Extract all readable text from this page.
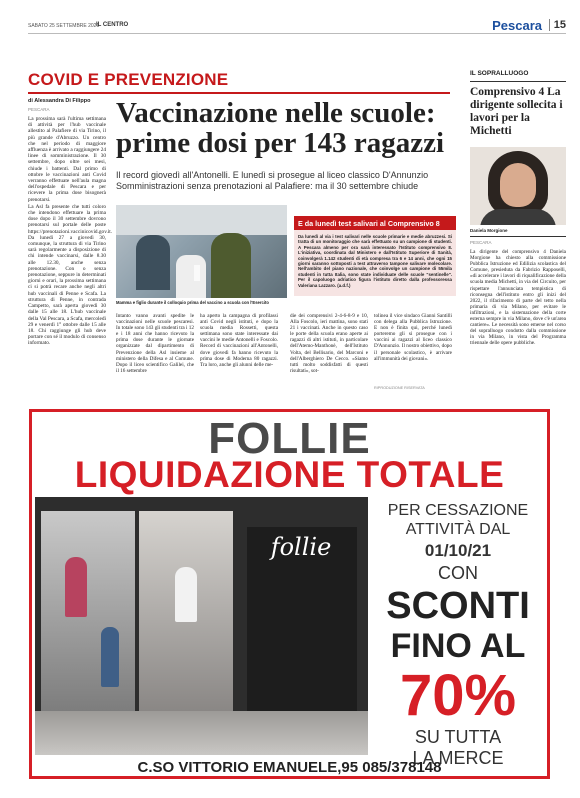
SABATO 25 SETTEMBRE 2021
IL CENTRO	Pescara	15
COVID E PREVENZIONE
di Alessandra Di Filippo
PESCARA

La prossima sarà l'ultima settimana di attività per l'hub vaccinale allestito al Palafiere di via Tirino, il più grande d'Abruzzo. Un centro che nel periodo di maggiore affluenza è arrivato a raggiungere 24 linee di somministrazione. Il 30 settembre, dopo oltre sei mesi, chiude i battenti. Dal primo di ottobre le vaccinazioni anti Covid verranno effettuate nell'aula magna dell'ospedale di Pescara e per ricevere la prima dose bisognerà prenotarsi.

La Asl fa presente che tutti coloro che intendono effettuare la prima dose dopo il 30 settembre dovrono prenotarsi sul portale delle poste https://prenotazioni.vaccinicovid.gov.it. Da lunedì 27 a giovedì 30, comunque, la struttura di via Tirino sarà regolarmente a disposizione di chi intende vaccinarsi, dalle 8.30 alle 12.30, anche senza prenotazione. Con o senza prenotazione, seppure in determinati giorni e orari, la prossima settimana ci si potrà recare anche negli altri hub vaccinali di Penne e Scafa. La struttura di Penne, in contrada Campetto, sarà aperta giovedì 30 dalle 15 alle 18. L'hub vaccinale della Val Pescara, a Scafa, mercoledì 29 e venerdì 1° ottobre dalle 15 alle 18. Chi raggiunge gli hub deve portare con sé il modulo di consenso informato.

Vaccinazione nelle scuole: prime dosi per 143 ragazzi
Il record giovedì all'Antonelli. E lunedì si prosegue al liceo classico D'Annunzio Somministrazioni senza prenotazioni al Palafiere: ma il 30 settembre chiude
Mamma e figlio durante il colloquio prima del vaccino a scuola con l'Esercito
E da lunedì test salivari al Comprensivo 8
Da lunedì al via i test salivari nelle scuole primarie e medie abruzzesi. Si tratta di un monitoraggio che sarà effettuato su un campione di studenti. A Pescara almeno per ora sarà interessato l'Istituto comprensivo 8. L'iniziativa, coordinata dal Ministero e dall'Istituto Superiore di Sanità, coinvolgerà 1.142 studenti di età compresa tra 6 e 14 anni, che ogni 15 giorni saranno sottoposti a test attraverso tampone salivare molecolare. Nell'ambito del piano nazionale, che coinvolge un campione di 55mila studenti in tutta Italia, sono state individuate delle scuole "sentinelle". Per il capoluogo adriatico figura l'istituto diretto dalla professoressa Valeriana Lazzaro. (a.d.f.)
Intanto vanno avanti spedite le vaccinazioni nelle scuole pescaresi. In totale sono 143 gli studenti tra i 12 e i 18 anni che hanno ricevuto la prima dose durante le giornate organizzate dal dipartimento di Prevenzione della Asl insieme al ministero della Difesa e al Comune. Dopo il liceo scientifico Galilei, che il 16 settembre
ha aperto la campagna di profilassi anti Covid negli istituti, e dopo la scuola media Rossetti, questa settimana sono state interessate dai vaccini le medie Antonelli e Foscolo. Record di vaccinazioni all'Antonelli, dove giovedì fa hanno ricevuto la prima dose di Moderna 80 ragazzi. Tra loro, anche gli alunni delle me-
die dei comprensivi 2-4-6-8-9 e 10, Alla Foscolo, ieri mattina, sono stati 21 i vaccinati. Anche in questo caso le porte della scuola erano aperte ai ragazzi di altri istituti, in particolare dell'Atemo-Manthonè, dell'Istituto Volta, del Bellisario, del Marconi e dell'Alberghiero De Cecco. «Siamo tutti molto soddisfatti di questi risultati», sot-
tolinea il vice sindaco Gianni Santilli con delega alla Pubblica Istruzione. E non è finita qui, perché lunedì porteremo gli si prosegue con i vaccini ai ragazzi al liceo classico D'Annunzio. Il nostro obiettivo, dopo il personale scolastico, è arrivare all'immunità dei giovani».
RIPRODUZIONE RISERVATA
IL SOPRALLUOGO
Comprensivo 4 La dirigente sollecita i lavori per la Michetti
Daniela Morgione
PESCARA
La dirigente del comprensivo 4 Daniela Morgione ha chiesto alla commissione Pubblica Istruzione ed Edilizia scolastica del Comune, presieduta da Fabrizio Rapposelli, «di accelerare i lavori di riqualificazione della scuola media Michetti, in via del Circuito, per rispettare l'annunciata tempistica di riconsegna dell'istituto entro gli inizi del 2022, il rifacimento di parte del tetto nella primaria di via Milano, per evitare le infiltrazioni, e la sistemazione della corte esterna sempre in via Milano, dove c'è un'area cantiere». Le necessità sono emerse nel corso del sopralluogo condotto dalla commissione in via Milano, in vista del Programma triennale delle opere pubbliche.
FOLLIE
LIQUIDAZIONE TOTALE
follie
PER CESSAZIONE
ATTIVITÀ DAL
01/10/21
CON
SCONTI
FINO AL
70%
SU TUTTA
LA MERCE
C.SO VITTORIO EMANUELE,95 085/378148
